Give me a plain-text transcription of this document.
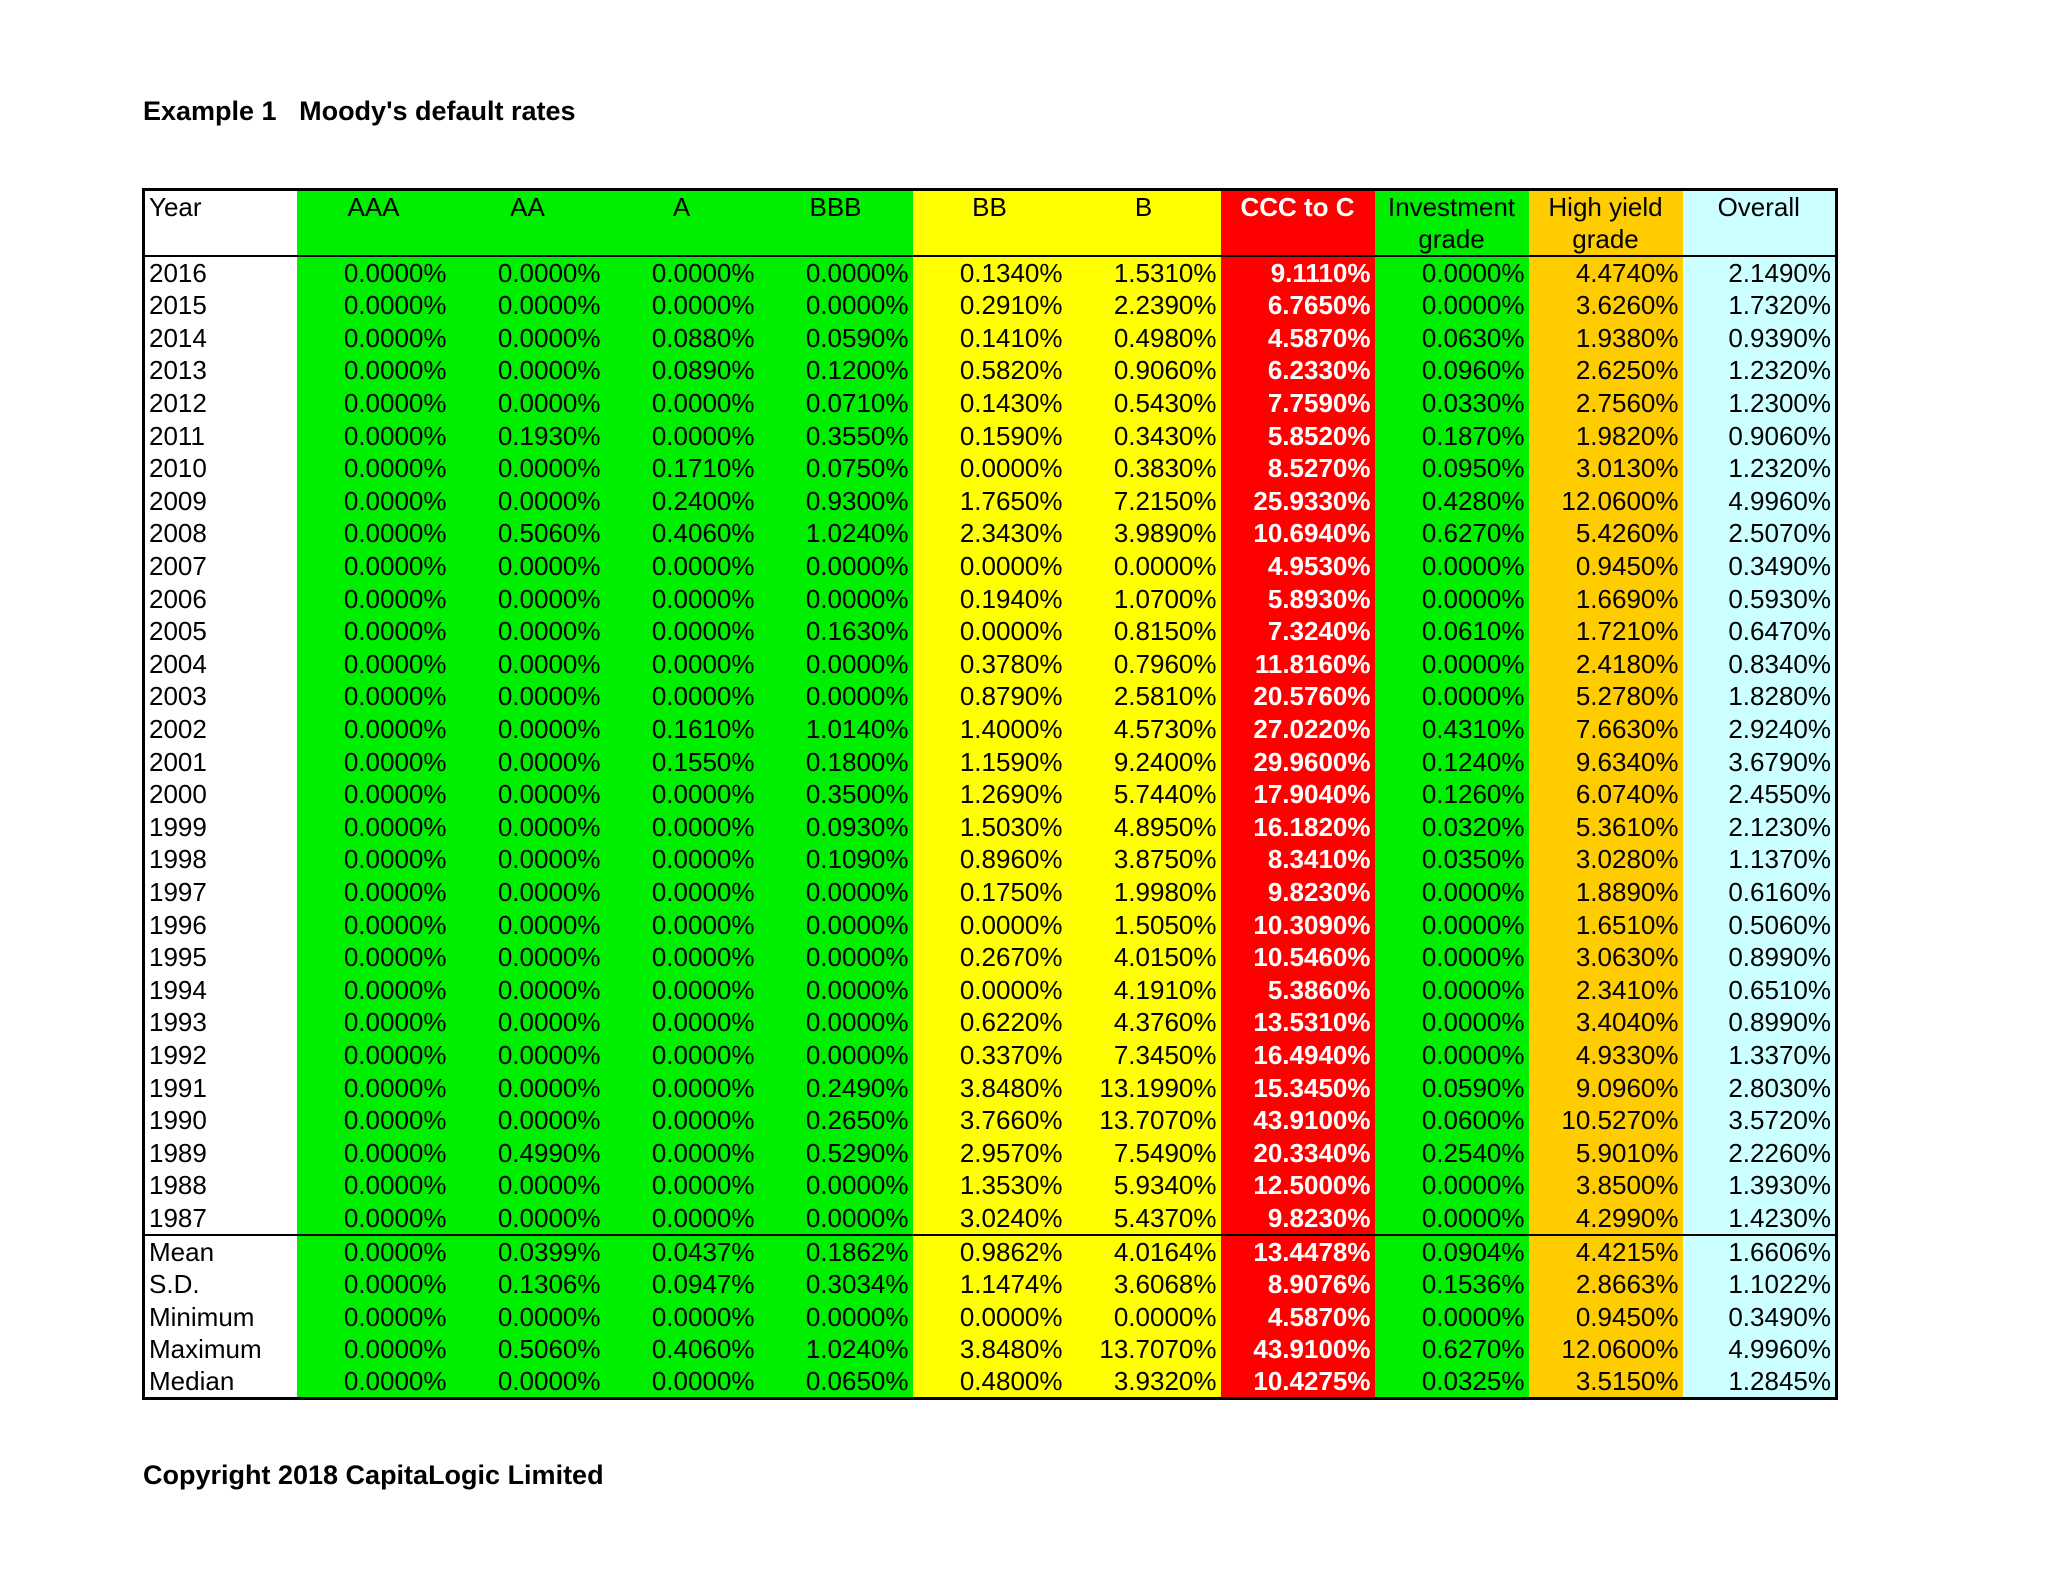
Example 1   Moody's default rates
Year	AAA	AA	A	BBB	BB	B	CCC to C	Investment grade	High yield grade	Overall
2016	0.0000%	0.0000%	0.0000%	0.0000%	0.1340%	1.5310%	9.1110%	0.0000%	4.4740%	2.1490%
2015	0.0000%	0.0000%	0.0000%	0.0000%	0.2910%	2.2390%	6.7650%	0.0000%	3.6260%	1.7320%
2014	0.0000%	0.0000%	0.0880%	0.0590%	0.1410%	0.4980%	4.5870%	0.0630%	1.9380%	0.9390%
2013	0.0000%	0.0000%	0.0890%	0.1200%	0.5820%	0.9060%	6.2330%	0.0960%	2.6250%	1.2320%
2012	0.0000%	0.0000%	0.0000%	0.0710%	0.1430%	0.5430%	7.7590%	0.0330%	2.7560%	1.2300%
2011	0.0000%	0.1930%	0.0000%	0.3550%	0.1590%	0.3430%	5.8520%	0.1870%	1.9820%	0.9060%
2010	0.0000%	0.0000%	0.1710%	0.0750%	0.0000%	0.3830%	8.5270%	0.0950%	3.0130%	1.2320%
2009	0.0000%	0.0000%	0.2400%	0.9300%	1.7650%	7.2150%	25.9330%	0.4280%	12.0600%	4.9960%
2008	0.0000%	0.5060%	0.4060%	1.0240%	2.3430%	3.9890%	10.6940%	0.6270%	5.4260%	2.5070%
2007	0.0000%	0.0000%	0.0000%	0.0000%	0.0000%	0.0000%	4.9530%	0.0000%	0.9450%	0.3490%
2006	0.0000%	0.0000%	0.0000%	0.0000%	0.1940%	1.0700%	5.8930%	0.0000%	1.6690%	0.5930%
2005	0.0000%	0.0000%	0.0000%	0.1630%	0.0000%	0.8150%	7.3240%	0.0610%	1.7210%	0.6470%
2004	0.0000%	0.0000%	0.0000%	0.0000%	0.3780%	0.7960%	11.8160%	0.0000%	2.4180%	0.8340%
2003	0.0000%	0.0000%	0.0000%	0.0000%	0.8790%	2.5810%	20.5760%	0.0000%	5.2780%	1.8280%
2002	0.0000%	0.0000%	0.1610%	1.0140%	1.4000%	4.5730%	27.0220%	0.4310%	7.6630%	2.9240%
2001	0.0000%	0.0000%	0.1550%	0.1800%	1.1590%	9.2400%	29.9600%	0.1240%	9.6340%	3.6790%
2000	0.0000%	0.0000%	0.0000%	0.3500%	1.2690%	5.7440%	17.9040%	0.1260%	6.0740%	2.4550%
1999	0.0000%	0.0000%	0.0000%	0.0930%	1.5030%	4.8950%	16.1820%	0.0320%	5.3610%	2.1230%
1998	0.0000%	0.0000%	0.0000%	0.1090%	0.8960%	3.8750%	8.3410%	0.0350%	3.0280%	1.1370%
1997	0.0000%	0.0000%	0.0000%	0.0000%	0.1750%	1.9980%	9.8230%	0.0000%	1.8890%	0.6160%
1996	0.0000%	0.0000%	0.0000%	0.0000%	0.0000%	1.5050%	10.3090%	0.0000%	1.6510%	0.5060%
1995	0.0000%	0.0000%	0.0000%	0.0000%	0.2670%	4.0150%	10.5460%	0.0000%	3.0630%	0.8990%
1994	0.0000%	0.0000%	0.0000%	0.0000%	0.0000%	4.1910%	5.3860%	0.0000%	2.3410%	0.6510%
1993	0.0000%	0.0000%	0.0000%	0.0000%	0.6220%	4.3760%	13.5310%	0.0000%	3.4040%	0.8990%
1992	0.0000%	0.0000%	0.0000%	0.0000%	0.3370%	7.3450%	16.4940%	0.0000%	4.9330%	1.3370%
1991	0.0000%	0.0000%	0.0000%	0.2490%	3.8480%	13.1990%	15.3450%	0.0590%	9.0960%	2.8030%
1990	0.0000%	0.0000%	0.0000%	0.2650%	3.7660%	13.7070%	43.9100%	0.0600%	10.5270%	3.5720%
1989	0.0000%	0.4990%	0.0000%	0.5290%	2.9570%	7.5490%	20.3340%	0.2540%	5.9010%	2.2260%
1988	0.0000%	0.0000%	0.0000%	0.0000%	1.3530%	5.9340%	12.5000%	0.0000%	3.8500%	1.3930%
1987	0.0000%	0.0000%	0.0000%	0.0000%	3.0240%	5.4370%	9.8230%	0.0000%	4.2990%	1.4230%
Mean	0.0000%	0.0399%	0.0437%	0.1862%	0.9862%	4.0164%	13.4478%	0.0904%	4.4215%	1.6606%
S.D.	0.0000%	0.1306%	0.0947%	0.3034%	1.1474%	3.6068%	8.9076%	0.1536%	2.8663%	1.1022%
Minimum	0.0000%	0.0000%	0.0000%	0.0000%	0.0000%	0.0000%	4.5870%	0.0000%	0.9450%	0.3490%
Maximum	0.0000%	0.5060%	0.4060%	1.0240%	3.8480%	13.7070%	43.9100%	0.6270%	12.0600%	4.9960%
Median	0.0000%	0.0000%	0.0000%	0.0650%	0.4800%	3.9320%	10.4275%	0.0325%	3.5150%	1.2845%
Copyright 2018 CapitaLogic Limited
